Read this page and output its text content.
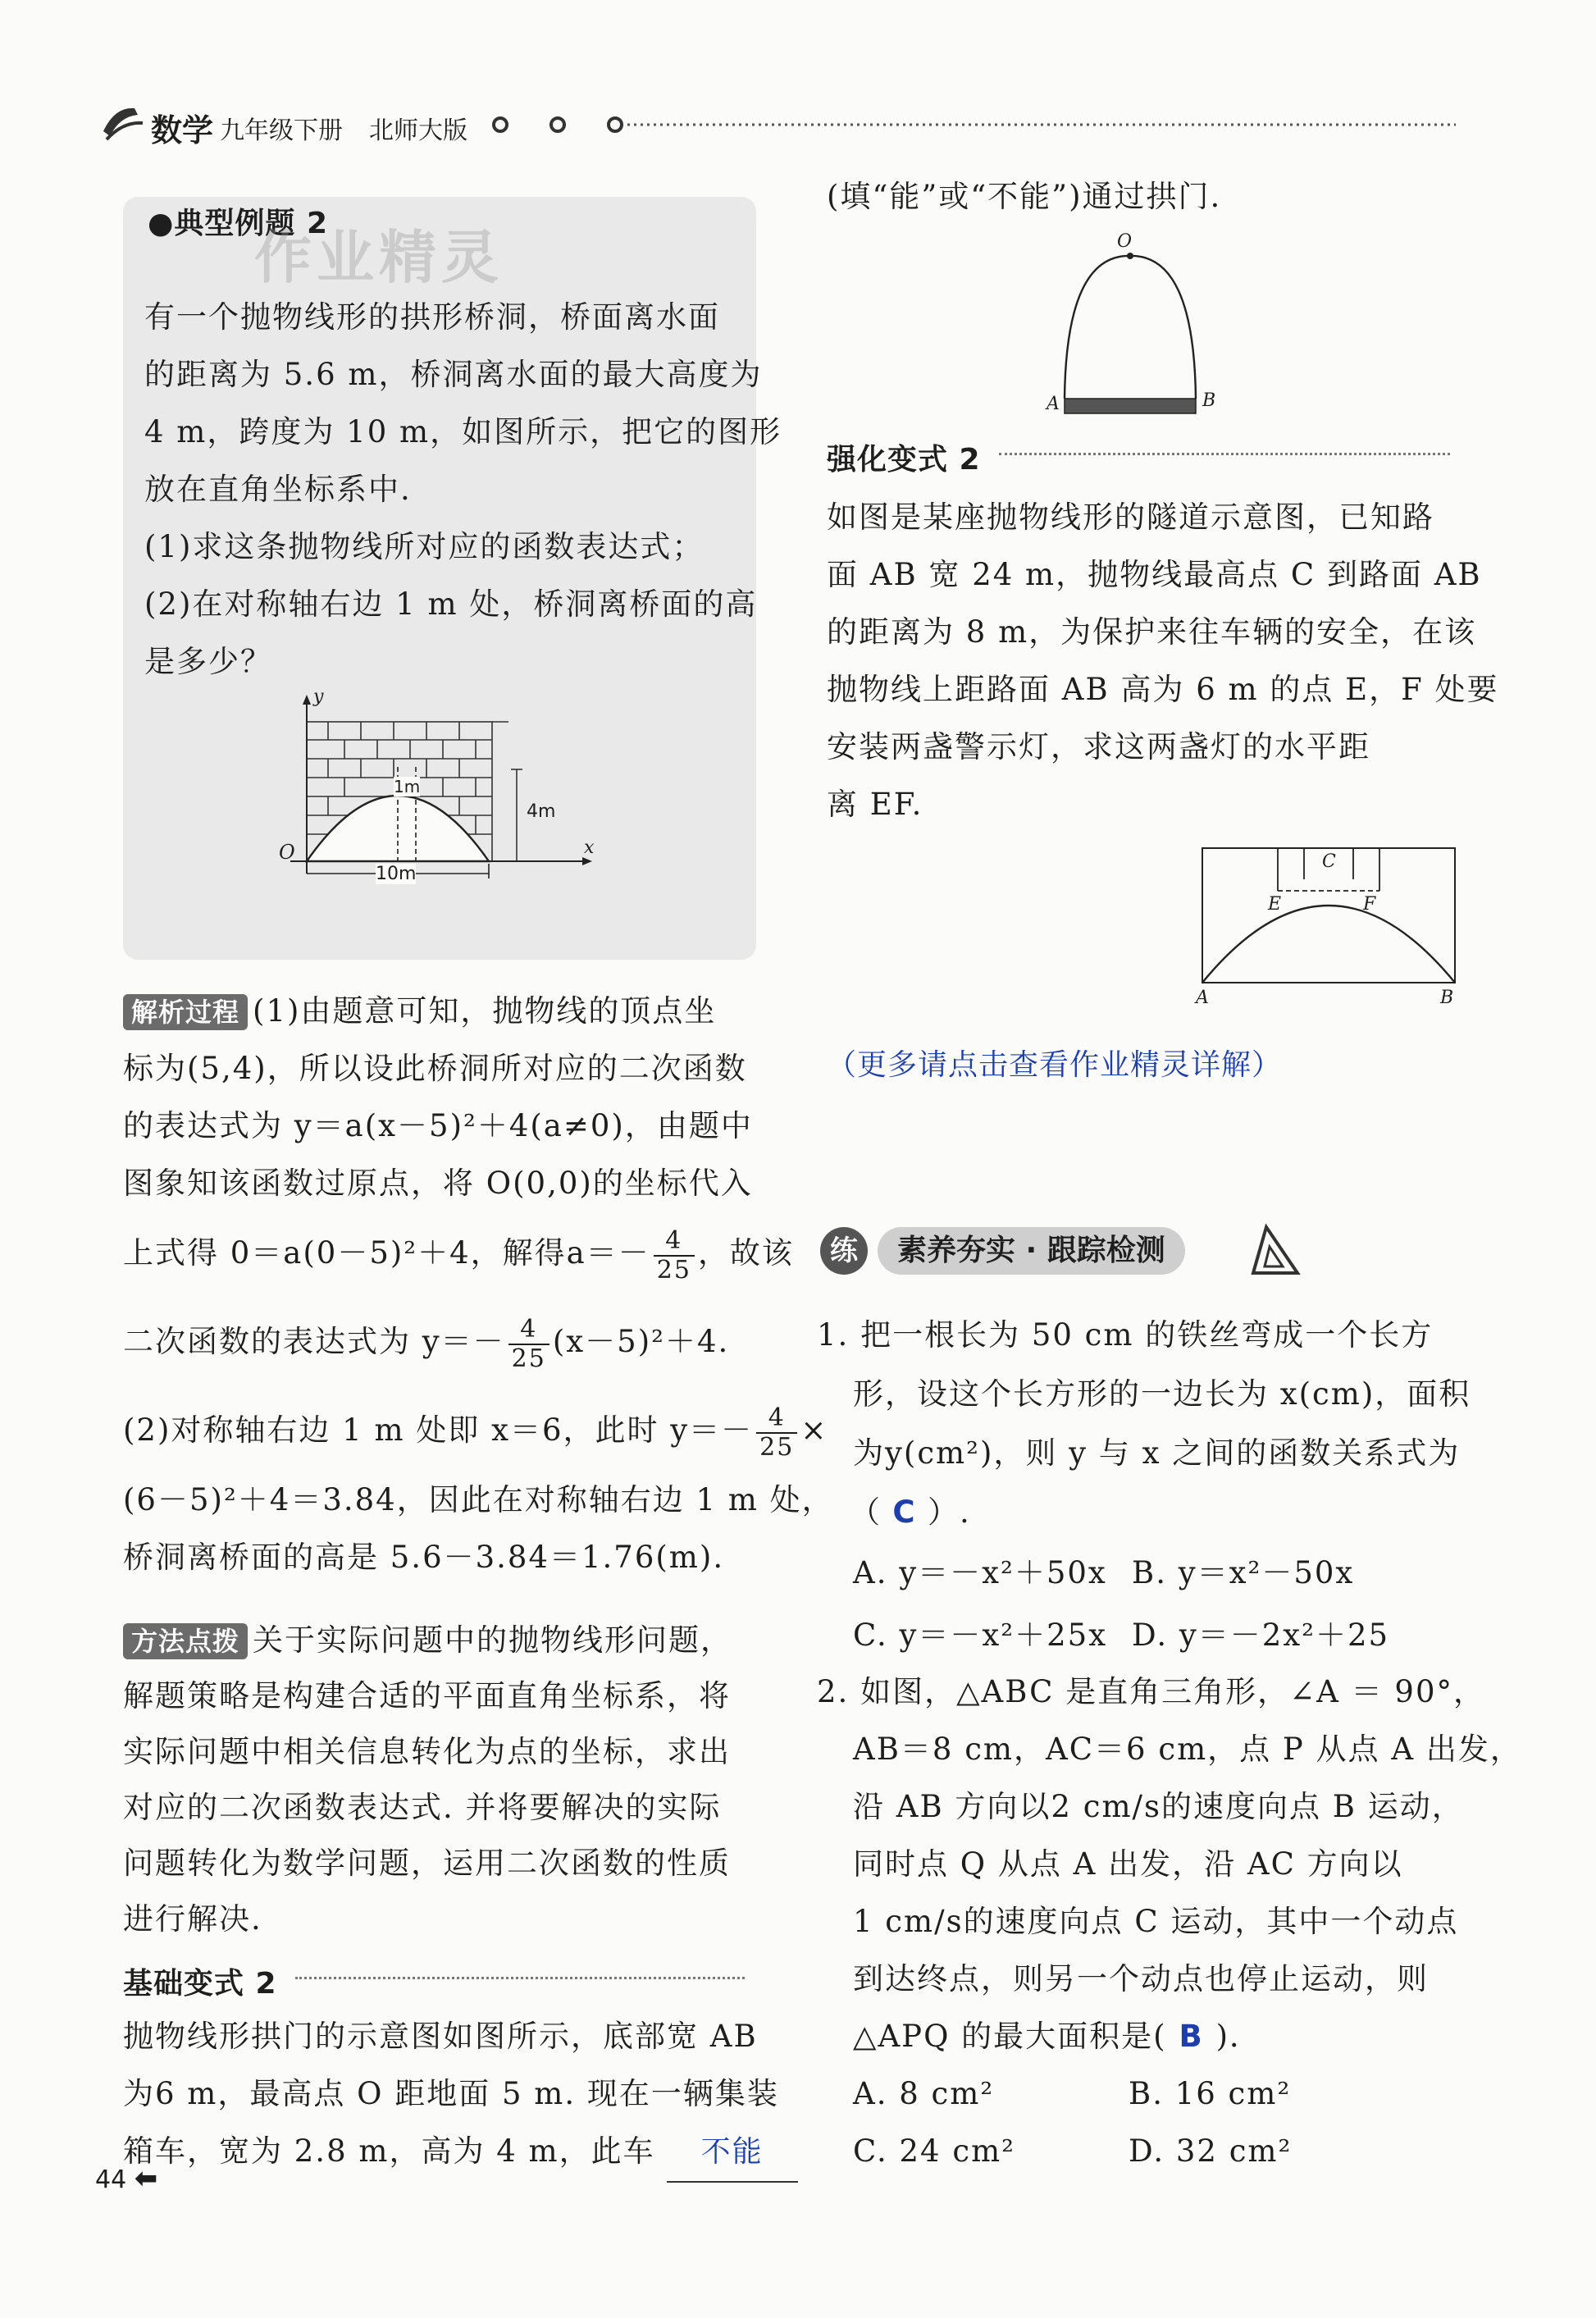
数学 九年级下册 北师大版
●典型例题 2
作业精灵
有一个抛物线形的拱形桥洞，桥面离水面
的距离为 5.6 m，桥洞离水面的最大高度为
4 m，跨度为 10 m，如图所示，把它的图形
放在直角坐标系中.
(1)求这条抛物线所对应的函数表达式；
(2)在对称轴右边 1 m 处，桥洞离桥面的高
是多少？
y
x
O
1m
4m
10m
解析过程 (1)由题意可知，抛物线的顶点坐
标为(5,4)，所以设此桥洞所对应的二次函数
的表达式为 y＝a(x－5)²＋4(a≠0)，由题中
图象知该函数过原点，将 O(0,0)的坐标代入
上式得 0＝a(0－5)²＋4，解得$a=- \frac{4}{25}$ ，故该
二次函数的表达式为 $y=- \frac{4}{25} (x-5)^2+4$.
(2)对称轴右边 1 m 处即 x＝6，此时 $y=- \frac{4}{25}$ ×
(6－5)²＋4＝3.84，因此在对称轴右边 1 m 处，
桥洞离桥面的高是 5.6－3.84＝1.76(m).
方法点拨 关于实际问题中的抛物线形问题，
解题策略是构建合适的平面直角坐标系，将
实际问题中相关信息转化为点的坐标，求出
对应的二次函数表达式. 并将要解决的实际
问题转化为数学问题，运用二次函数的性质
进行解决.
基础变式 2
抛物线形拱门的示意图如图所示，底部宽 AB
为6 m，最高点 O 距地面 5 m. 现在一辆集装
箱车，宽为 2.8 m，高为 4 m，此车 不能
(填“能”或“不能”)通过拱门.
O
A	B
强化变式 2
如图是某座抛物线形的隧道示意图，已知路
面 AB 宽 24 m，抛物线最高点 C 到路面 AB
的距离为 8 m，为保护来往车辆的安全，在该
抛物线上距路面 AB 高为 6 m 的点 E，F 处要
安装两盏警示灯，求这两盏灯的水平距
离 EF.
C
E	F
A	B
（更多请点击查看作业精灵详解）
练	素养夯实 · 跟踪检测
1. 把一根长为 50 cm 的铁丝弯成一个长方
形，设这个长方形的一边长为 x(cm)，面积
为y(cm²)，则 y 与 x 之间的函数关系式为
（ C ）.
A. y＝－x²＋50x B. y＝x²－50x
C. y＝－x²＋25x D. y＝－2x²＋25
2. 如图，△ABC 是直角三角形，∠A ＝ 90°，
AB＝8 cm，AC＝6 cm，点 P 从点 A 出发，
沿 AB 方向以2 cm/s的速度向点 B 运动，
同时点 Q 从点 A 出发，沿 AC 方向以
1 cm/s的速度向点 C 运动，其中一个动点
到达终点，则另一个动点也停止运动，则
△APQ 的最大面积是( B )．
A. 8 cm²	B. 16 cm²
C. 24 cm²	D. 32 cm²
44 ⬅
